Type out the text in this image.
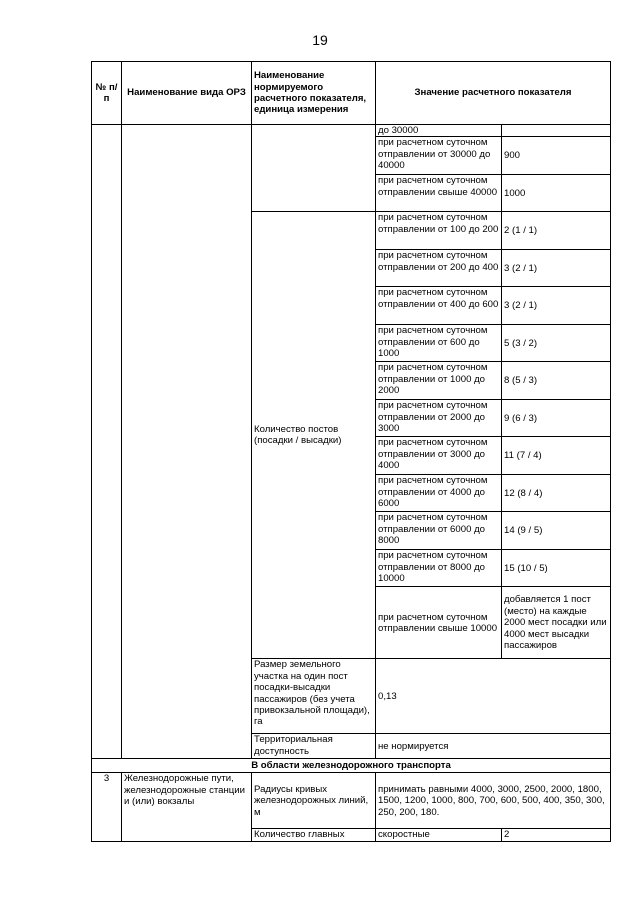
19
№ п/п	Наименование вида ОРЗ	Наименование нормируемого расчетного показателя, единица измерения	Значение расчетного показателя	
			до 30000	
			при расчетном суточном отправлении от 30000 до 40000	900
			при расчетном суточном отправлении свыше 40000	1000
		Количество постов (посадки / высадки)	при расчетном суточном отправлении от 100 до 200	2 (1 / 1)
			при расчетном суточном отправлении от 200 до 400	3 (2 / 1)
			при расчетном суточном отправлении от 400 до 600	3 (2 / 1)
			при расчетном суточном отправлении от 600 до 1000	5 (3 / 2)
			при расчетном суточном отправлении от 1000 до 2000	8 (5 / 3)
			при расчетном суточном отправлении от 2000 до 3000	9 (6 / 3)
			при расчетном суточном отправлении от 3000 до 4000	11 (7 / 4)
			при расчетном суточном отправлении от 4000 до 6000	12 (8 / 4)
			при расчетном суточном отправлении от 6000 до 8000	14 (9 / 5)
			при расчетном суточном отправлении от 8000 до 10000	15 (10 / 5)
			при расчетном суточном отправлении свыше 10000	добавляется 1 пост (место) на каждые 2000 мест посадки или 4000 мест высадки пассажиров
		Размер земельного участка на один пост посадки-высадки пассажиров (без учета привокзальной площади), га	0,13	
		Территориальная доступность	не нормируется	
В области железнодорожного транспорта				
3	Железнодорожные пути, железнодорожные станции и (или) вокзалы	Радиусы кривых железнодорожных линий, м	принимать равными 4000, 3000, 2500, 2000, 1800, 1500, 1200, 1000, 800, 700, 600, 500, 400, 350, 300, 250, 200, 180.	
		Количество главных	скоростные	2
